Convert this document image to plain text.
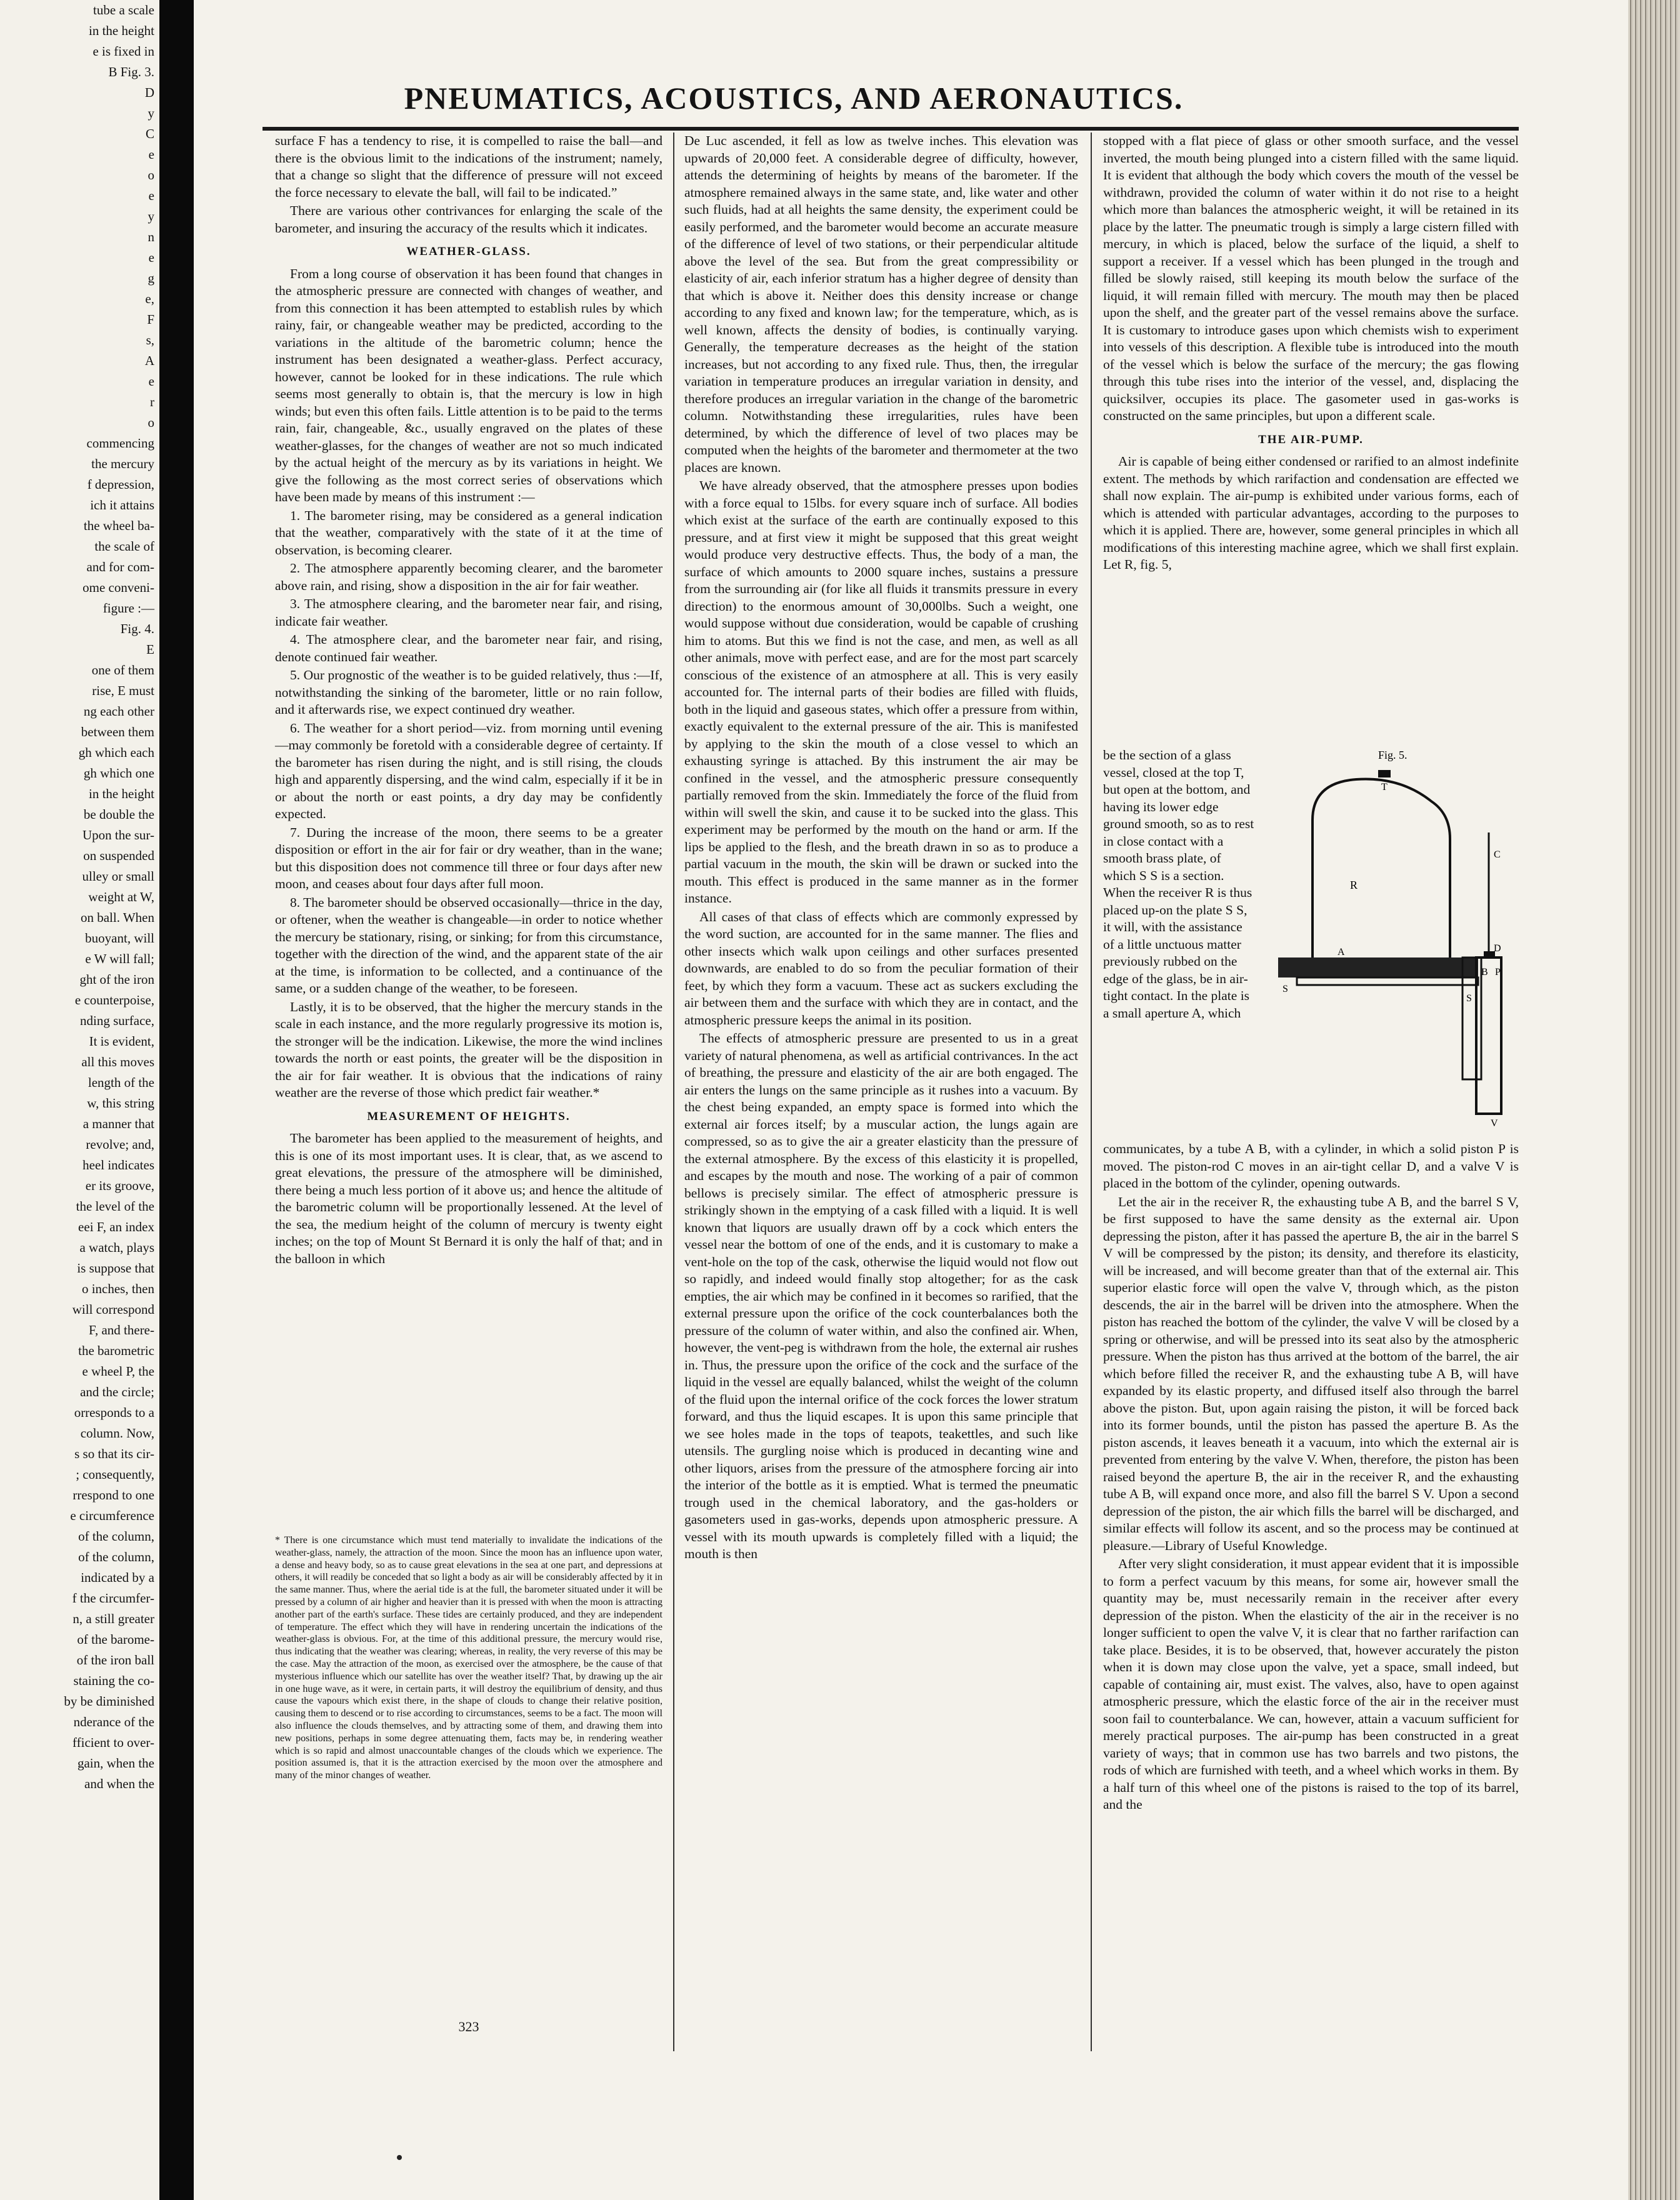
tube a scale

in the height

e is fixed in

B Fig. 3.

D

y

C

e

o

e

y

n

e

g

e,

F

s,

A

e

r

o

commencing

the mercury

f depression,

ich it attains

the wheel ba-

the scale of

and for com-

ome conveni-

figure :—

Fig. 4.

E

one of them

rise, E must

ng each other

between them

gh which each

gh which one

in the height

be double the

Upon the sur-

on suspended

ulley or small

weight at W,

on ball. When

buoyant, will

e W will fall;

ght of the iron

e counterpoise,

nding surface,

It is evident,

all this moves

length of the

w, this string

a manner that

revolve; and,

heel indicates

er its groove,

the level of the

eei F, an index

a watch, plays

is suppose that

o inches, then

will correspond

F, and there-

the barometric

e wheel P, the

and the circle;

orresponds to a

column. Now,

s so that its cir-

; consequently,

rrespond to one

e circumference

of the column,

of the column,

indicated by a

f the circumfer-

n, a still greater

of the barome-

of the iron ball

staining the co-

by be diminished

nderance of the

fficient to over-

gain, when the

and when the

PNEUMATICS, ACOUSTICS, AND AERONAUTICS.

surface F has a tendency to rise, it is compelled to raise the ball—and there is the obvious limit to the indications of the instrument; namely, that a change so slight that the difference of pressure will not exceed the force necessary to elevate the ball, will fail to be indicated.”

There are various other contrivances for enlarging the scale of the barometer, and insuring the accuracy of the results which it indicates.

WEATHER-GLASS.

From a long course of observation it has been found that changes in the atmospheric pressure are connected with changes of weather, and from this connection it has been attempted to establish rules by which rainy, fair, or changeable weather may be predicted, according to the variations in the altitude of the barometric column; hence the instrument has been designated a weather-glass. Perfect accuracy, however, cannot be looked for in these indications. The rule which seems most generally to obtain is, that the mercury is low in high winds; but even this often fails. Little attention is to be paid to the terms rain, fair, changeable, &c., usually engraved on the plates of these weather-glasses, for the changes of weather are not so much indicated by the actual height of the mercury as by its variations in height. We give the following as the most correct series of observations which have been made by means of this instrument :—

1. The barometer rising, may be considered as a general indication that the weather, comparatively with the state of it at the time of observation, is becoming clearer.

2. The atmosphere apparently becoming clearer, and the barometer above rain, and rising, show a disposition in the air for fair weather.

3. The atmosphere clearing, and the barometer near fair, and rising, indicate fair weather.

4. The atmosphere clear, and the barometer near fair, and rising, denote continued fair weather.

5. Our prognostic of the weather is to be guided relatively, thus :—If, notwithstanding the sinking of the barometer, little or no rain follow, and it afterwards rise, we expect continued dry weather.

6. The weather for a short period—viz. from morning until evening—may commonly be foretold with a considerable degree of certainty. If the barometer has risen during the night, and is still rising, the clouds high and apparently dispersing, and the wind calm, especially if it be in or about the north or east points, a dry day may be confidently expected.

7. During the increase of the moon, there seems to be a greater disposition or effort in the air for fair or dry weather, than in the wane; but this disposition does not commence till three or four days after new moon, and ceases about four days after full moon.

8. The barometer should be observed occasionally—thrice in the day, or oftener, when the weather is changeable—in order to notice whether the mercury be stationary, rising, or sinking; for from this circumstance, together with the direction of the wind, and the apparent state of the air at the time, is information to be collected, and a continuance of the same, or a sudden change of the weather, to be foreseen.

Lastly, it is to be observed, that the higher the mercury stands in the scale in each instance, and the more regularly progressive its motion is, the stronger will be the indication. Likewise, the more the wind inclines towards the north or east points, the greater will be the disposition in the air for fair weather. It is obvious that the indications of rainy weather are the reverse of those which predict fair weather.*

MEASUREMENT OF HEIGHTS.

The barometer has been applied to the measurement of heights, and this is one of its most important uses. It is clear, that, as we ascend to great elevations, the pressure of the atmosphere will be diminished, there being a much less portion of it above us; and hence the altitude of the barometric column will be proportionally lessened. At the level of the sea, the medium height of the column of mercury is twenty eight inches; on the top of Mount St Bernard it is only the half of that; and in the balloon in which

* There is one circumstance which must tend materially to invalidate the indications of the weather-glass, namely, the attraction of the moon. Since the moon has an influence upon water, a dense and heavy body, so as to cause great elevations in the sea at one part, and depressions at others, it will readily be conceded that so light a body as air will be considerably affected by it in the same manner. Thus, where the aerial tide is at the full, the barometer situated under it will be pressed by a column of air higher and heavier than it is pressed with when the moon is attracting another part of the earth's surface. These tides are certainly produced, and they are independent of temperature. The effect which they will have in rendering uncertain the indications of the weather-glass is obvious. For, at the time of this additional pressure, the mercury would rise, thus indicating that the weather was clearing; whereas, in reality, the very reverse of this may be the case. May the attraction of the moon, as exercised over the atmosphere, be the cause of that mysterious influence which our satellite has over the weather itself? That, by drawing up the air in one huge wave, as it were, in certain parts, it will destroy the equilibrium of density, and thus cause the vapours which exist there, in the shape of clouds to change their relative position, causing them to descend or to rise according to circumstances, seems to be a fact. The moon will also influence the clouds themselves, and by attracting some of them, and drawing them into new positions, perhaps in some degree attenuating them, facts may be, in rendering weather which is so rapid and almost unaccountable changes of the clouds which we experience. The position assumed is, that it is the attraction exercised by the moon over the atmosphere and many of the minor changes of weather.

323

De Luc ascended, it fell as low as twelve inches. This elevation was upwards of 20,000 feet. A considerable degree of difficulty, however, attends the determining of heights by means of the barometer. If the atmosphere remained always in the same state, and, like water and other such fluids, had at all heights the same density, the experiment could be easily performed, and the barometer would become an accurate measure of the difference of level of two stations, or their perpendicular altitude above the level of the sea. But from the great compressibility or elasticity of air, each inferior stratum has a higher degree of density than that which is above it. Neither does this density increase or change according to any fixed and known law; for the temperature, which, as is well known, affects the density of bodies, is continually varying. Generally, the temperature decreases as the height of the station increases, but not according to any fixed rule. Thus, then, the irregular variation in temperature produces an irregular variation in density, and therefore produces an irregular variation in the change of the barometric column. Notwithstanding these irregularities, rules have been determined, by which the difference of level of two places may be computed when the heights of the barometer and thermometer at the two places are known.

We have already observed, that the atmosphere presses upon bodies with a force equal to 15lbs. for every square inch of surface. All bodies which exist at the surface of the earth are continually exposed to this pressure, and at first view it might be supposed that this great weight would produce very destructive effects. Thus, the body of a man, the surface of which amounts to 2000 square inches, sustains a pressure from the surrounding air (for like all fluids it transmits pressure in every direction) to the enormous amount of 30,000lbs. Such a weight, one would suppose without due consideration, would be capable of crushing him to atoms. But this we find is not the case, and men, as well as all other animals, move with perfect ease, and are for the most part scarcely conscious of the existence of an atmosphere at all. This is very easily accounted for. The internal parts of their bodies are filled with fluids, both in the liquid and gaseous states, which offer a pressure from within, exactly equivalent to the external pressure of the air. This is manifested by applying to the skin the mouth of a close vessel to which an exhausting syringe is attached. By this instrument the air may be confined in the vessel, and the atmospheric pressure consequently partially removed from the skin. Immediately the force of the fluid from within will swell the skin, and cause it to be sucked into the glass. This experiment may be performed by the mouth on the hand or arm. If the lips be applied to the flesh, and the breath drawn in so as to produce a partial vacuum in the mouth, the skin will be drawn or sucked into the mouth. This effect is produced in the same manner as in the former instance.

All cases of that class of effects which are commonly expressed by the word suction, are accounted for in the same manner. The flies and other insects which walk upon ceilings and other surfaces presented downwards, are enabled to do so from the peculiar formation of their feet, by which they form a vacuum. These act as suckers excluding the air between them and the surface with which they are in contact, and the atmospheric pressure keeps the animal in its position.

The effects of atmospheric pressure are presented to us in a great variety of natural phenomena, as well as artificial contrivances. In the act of breathing, the pressure and elasticity of the air are both engaged. The air enters the lungs on the same principle as it rushes into a vacuum. By the chest being expanded, an empty space is formed into which the external air forces itself; by a muscular action, the lungs again are compressed, so as to give the air a greater elasticity than the pressure of the external atmosphere. By the excess of this elasticity it is propelled, and escapes by the mouth and nose. The working of a pair of common bellows is precisely similar. The effect of atmospheric pressure is strikingly shown in the emptying of a cask filled with a liquid. It is well known that liquors are usually drawn off by a cock which enters the vessel near the bottom of one of the ends, and it is customary to make a vent-hole on the top of the cask, otherwise the liquid would not flow out so rapidly, and indeed would finally stop altogether; for as the cask empties, the air which may be confined in it becomes so rarified, that the external pressure upon the orifice of the cock counterbalances both the pressure of the column of water within, and also the confined air. When, however, the vent-peg is withdrawn from the hole, the external air rushes in. Thus, the pressure upon the orifice of the cock and the surface of the liquid in the vessel are equally balanced, whilst the weight of the column of the fluid upon the internal orifice of the cock forces the lower stratum forward, and thus the liquid escapes. It is upon this same principle that we see holes made in the tops of teapots, teakettles, and such like utensils. The gurgling noise which is produced in decanting wine and other liquors, arises from the pressure of the atmosphere forcing air into the interior of the bottle as it is emptied. What is termed the pneumatic trough used in the chemical laboratory, and the gas-holders or gasometers used in gas-works, depends upon atmospheric pressure. A vessel with its mouth upwards is completely filled with a liquid; the mouth is then

stopped with a flat piece of glass or other smooth surface, and the vessel inverted, the mouth being plunged into a cistern filled with the same liquid. It is evident that although the body which covers the mouth of the vessel be withdrawn, provided the column of water within it do not rise to a height which more than balances the atmospheric weight, it will be retained in its place by the latter. The pneumatic trough is simply a large cistern filled with mercury, in which is placed, below the surface of the liquid, a shelf to support a receiver. If a vessel which has been plunged in the trough and filled be slowly raised, still keeping its mouth below the surface of the liquid, it will remain filled with mercury. The mouth may then be placed upon the shelf, and the greater part of the vessel remains above the surface. It is customary to introduce gases upon which chemists wish to experiment into vessels of this description. A flexible tube is introduced into the mouth of the vessel which is below the surface of the mercury; the gas flowing through this tube rises into the interior of the vessel, and, displacing the quicksilver, occupies its place. The gasometer used in gas-works is constructed on the same principles, but upon a different scale.

THE AIR-PUMP.

Air is capable of being either condensed or rarified to an almost indefinite extent. The methods by which rarifaction and condensation are effected we shall now explain. The air-pump is exhibited under various forms, each of which is attended with particular advantages, according to the purposes to which it is applied. There are, however, some general principles in which all modifications of this interesting machine agree, which we shall first explain. Let R, fig. 5,

be the section of a glass vessel, closed at the top T, but open at the bottom, and having its lower edge ground smooth, so as to rest in close contact with a smooth brass plate, of which S S is a section. When the receiver R is thus placed up-on the plate S S, it will, with the assistance of a little unctuous matter previously rubbed on the edge of the glass, be in air-tight contact. In the plate is a small aperture A, which

Fig. 5.
T
R
C
D
A
B P
S
S
V

communicates, by a tube A B, with a cylinder, in which a solid piston P is moved. The piston-rod C moves in an air-tight cellar D, and a valve V is placed in the bottom of the cylinder, opening outwards.

Let the air in the receiver R, the exhausting tube A B, and the barrel S V, be first supposed to have the same density as the external air. Upon depressing the piston, after it has passed the aperture B, the air in the barrel S V will be compressed by the piston; its density, and therefore its elasticity, will be increased, and will become greater than that of the external air. This superior elastic force will open the valve V, through which, as the piston descends, the air in the barrel will be driven into the atmosphere. When the piston has reached the bottom of the cylinder, the valve V will be closed by a spring or otherwise, and will be pressed into its seat also by the atmospheric pressure. When the piston has thus arrived at the bottom of the barrel, the air which before filled the receiver R, and the exhausting tube A B, will have expanded by its elastic property, and diffused itself also through the barrel above the piston. But, upon again raising the piston, it will be forced back into its former bounds, until the piston has passed the aperture B. As the piston ascends, it leaves beneath it a vacuum, into which the external air is prevented from entering by the valve V. When, therefore, the piston has been raised beyond the aperture B, the air in the receiver R, and the exhausting tube A B, will expand once more, and also fill the barrel S V. Upon a second depression of the piston, the air which fills the barrel will be discharged, and similar effects will follow its ascent, and so the process may be continued at pleasure.—Library of Useful Knowledge.

After very slight consideration, it must appear evident that it is impossible to form a perfect vacuum by this means, for some air, however small the quantity may be, must necessarily remain in the receiver after every depression of the piston. When the elasticity of the air in the receiver is no longer sufficient to open the valve V, it is clear that no farther rarifaction can take place. Besides, it is to be observed, that, however accurately the piston when it is down may close upon the valve, yet a space, small indeed, but capable of containing air, must exist. The valves, also, have to open against atmospheric pressure, which the elastic force of the air in the receiver must soon fail to counterbalance. We can, however, attain a vacuum sufficient for merely practical purposes. The air-pump has been constructed in a great variety of ways; that in common use has two barrels and two pistons, the rods of which are furnished with teeth, and a wheel which works in them. By a half turn of this wheel one of the pistons is raised to the top of its barrel, and the
